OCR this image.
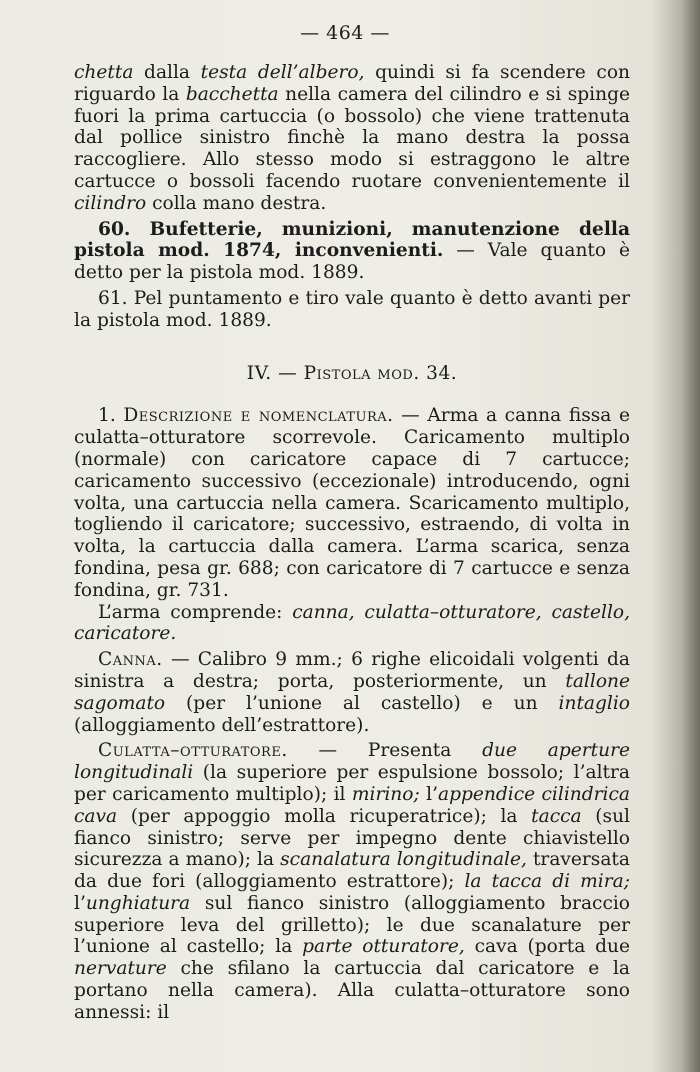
— 464 —

chetta dalla testa dell’albero, quindi si fa scendere con riguardo la bacchetta nella camera del cilindro e si spinge fuori la prima cartuccia (o bossolo) che viene trattenuta dal pollice sinistro finchè la mano destra la possa raccogliere. Allo stesso modo si estraggono le altre cartucce o bossoli facendo ruotare convenientemente il cilindro colla mano destra.

60. Bufetterie, munizioni, manutenzione della pistola mod. 1874, inconvenienti. — Vale quanto è detto per la pistola mod. 1889.

61. Pel puntamento e tiro vale quanto è detto avanti per la pistola mod. 1889.

IV. — Pistola mod. 34.

1. Descrizione e nomenclatura. — Arma a canna fissa e culatta–otturatore scorrevole. Caricamento multiplo (normale) con caricatore capace di 7 cartucce; caricamento successivo (eccezionale) introducendo, ogni volta, una cartuccia nella camera. Scaricamento multiplo, togliendo il caricatore; successivo, estraendo, di volta in volta, la cartuccia dalla camera. L’arma scarica, senza fondina, pesa gr. 688; con caricatore di 7 cartucce e senza fondina, gr. 731.

L’arma comprende: canna, culatta–otturatore, castello, caricatore.

Canna. — Calibro 9 mm.; 6 righe elicoidali volgenti da sinistra a destra; porta, posteriormente, un tallone sagomato (per l’unione al castello) e un intaglio (alloggiamento dell’estrattore).

Culatta–otturatore. — Presenta due aperture longitudinali (la superiore per espulsione bossolo; l’altra per caricamento multiplo); il mirino; l’appendice cilindrica cava (per appoggio molla ricuperatrice); la tacca (sul fianco sinistro; serve per impegno dente chiavistello sicurezza a mano); la scanalatura longitudinale, traversata da due fori (alloggiamento estrattore); la tacca di mira; l’unghiatura sul fianco sinistro (alloggiamento braccio superiore leva del grilletto); le due scanalature per l’unione al castello; la parte otturatore, cava (porta due nervature che sfilano la cartuccia dal caricatore e la portano nella camera). Alla culatta–otturatore sono annessi: il
